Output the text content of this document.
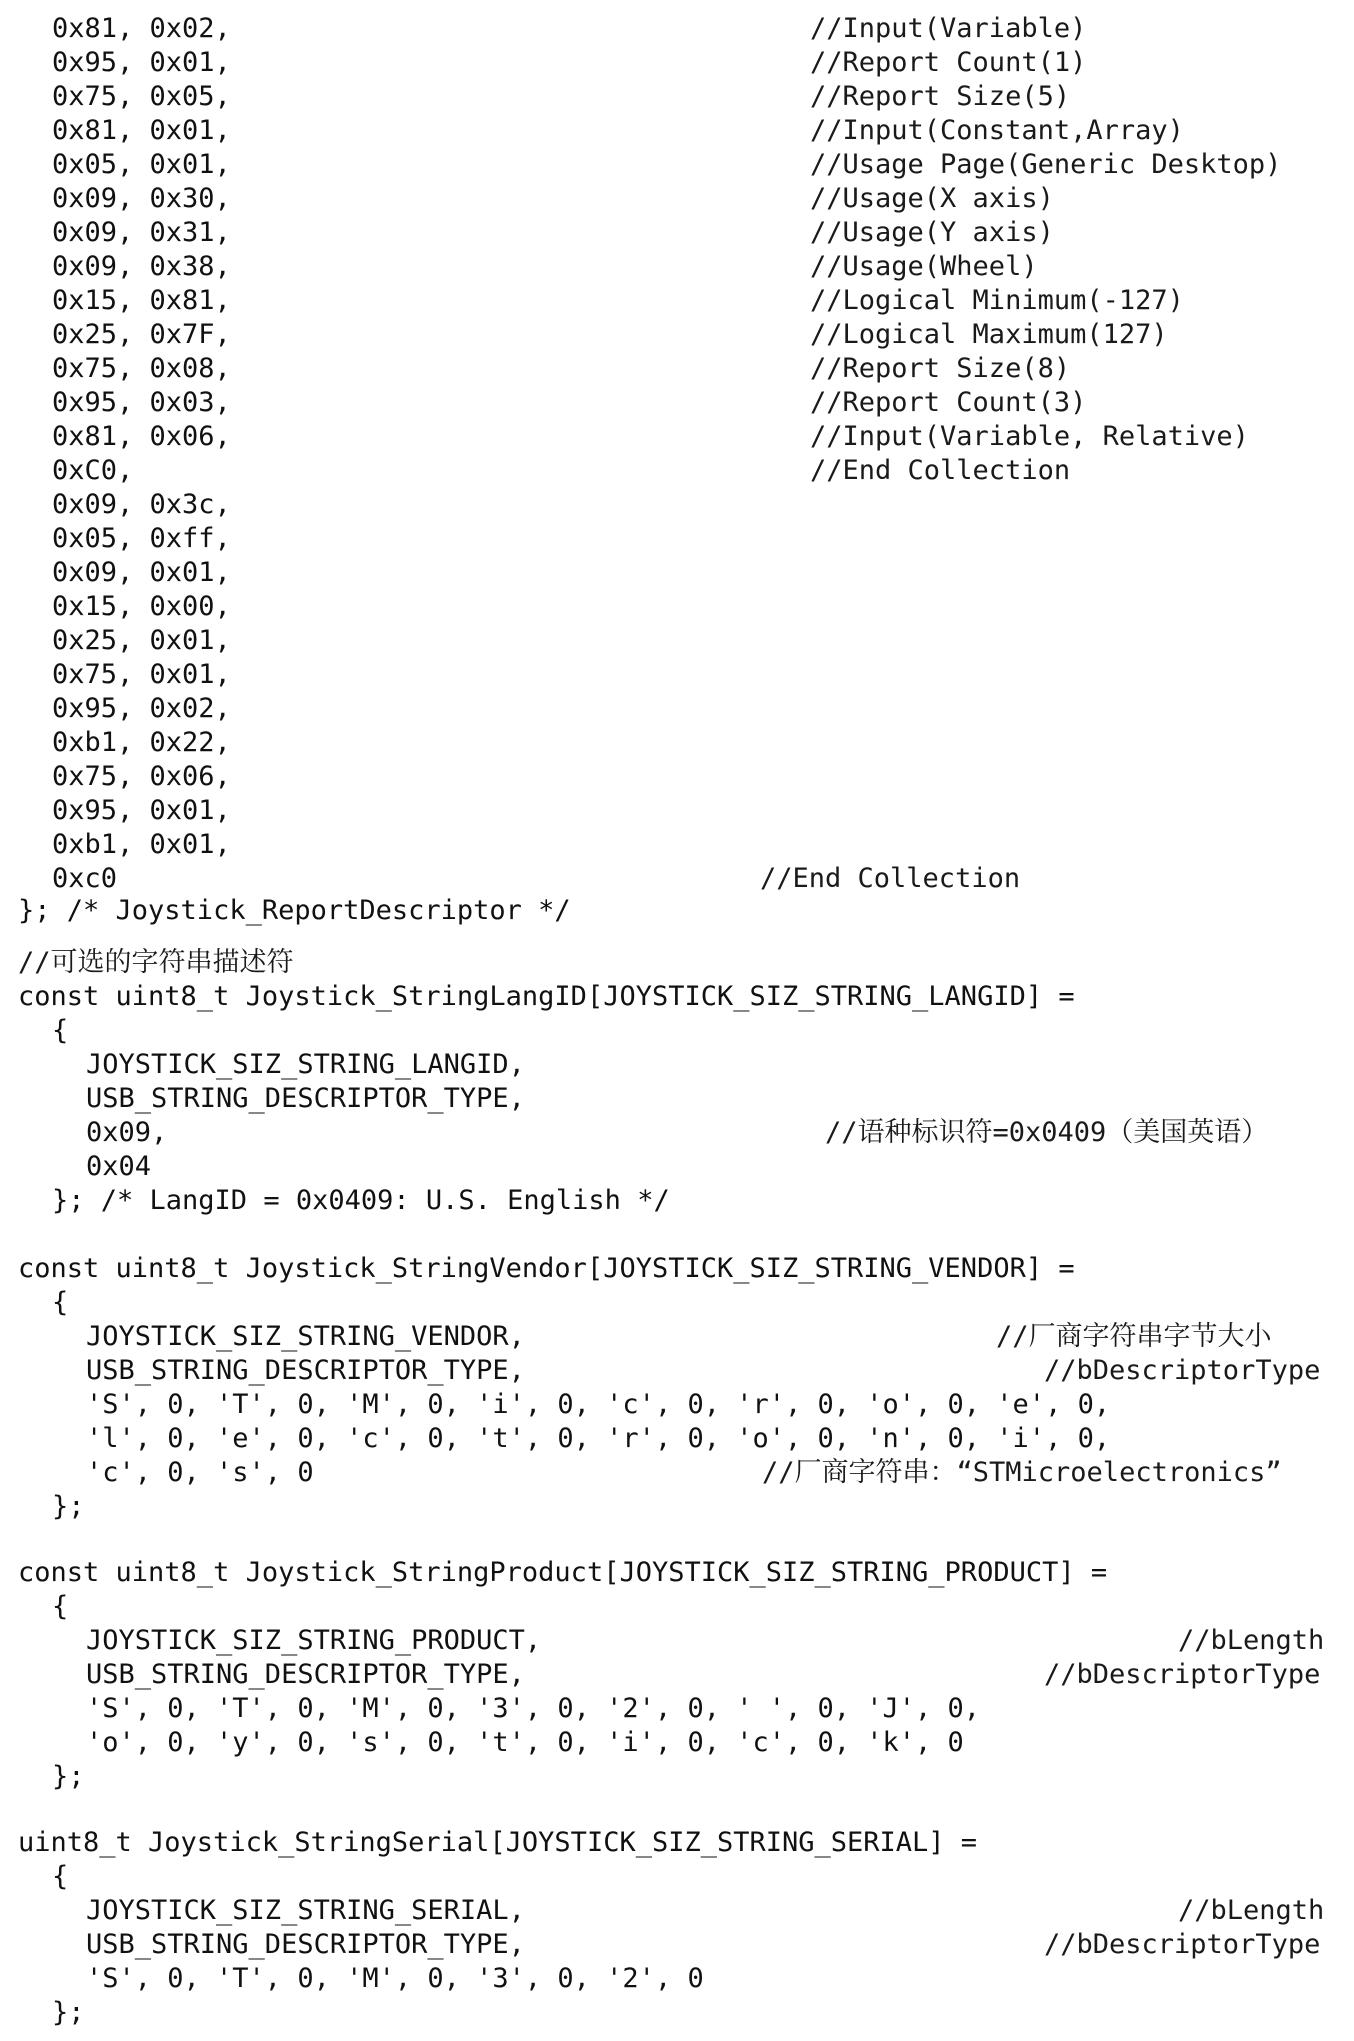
0x81, 0x02,	//Input(Variable)
0x95, 0x01,	//Report Count(1)
0x75, 0x05,	//Report Size(5)
0x81, 0x01,	//Input(Constant,Array)
0x05, 0x01,	//Usage Page(Generic Desktop)
0x09, 0x30,	//Usage(X axis)
0x09, 0x31,	//Usage(Y axis)
0x09, 0x38,	//Usage(Wheel)
0x15, 0x81,	//Logical Minimum(-127)
0x25, 0x7F,	//Logical Maximum(127)
0x75, 0x08,	//Report Size(8)
0x95, 0x03,	//Report Count(3)
0x81, 0x06,	//Input(Variable, Relative)
0xC0,	//End Collection
0x09, 0x3c,
0x05, 0xff,
0x09, 0x01,
0x15, 0x00,
0x25, 0x01,
0x75, 0x01,
0x95, 0x02,
0xb1, 0x22,
0x75, 0x06,
0x95, 0x01,
0xb1, 0x01,
0xc0	//End Collection
}; /* Joystick_ReportDescriptor */
//可选的字符串描述符
const uint8_t Joystick_StringLangID[JOYSTICK_SIZ_STRING_LANGID] =
{
JOYSTICK_SIZ_STRING_LANGID,
USB_STRING_DESCRIPTOR_TYPE,
0x09,	//语种标识符=0x0409（美国英语）
0x04
}; /* LangID = 0x0409: U.S. English */
const uint8_t Joystick_StringVendor[JOYSTICK_SIZ_STRING_VENDOR] =
{
JOYSTICK_SIZ_STRING_VENDOR,	//厂商字符串字节大小
USB_STRING_DESCRIPTOR_TYPE,	//bDescriptorType
'S', 0, 'T', 0, 'M', 0, 'i', 0, 'c', 0, 'r', 0, 'o', 0, 'e', 0,
'l', 0, 'e', 0, 'c', 0, 't', 0, 'r', 0, 'o', 0, 'n', 0, 'i', 0,
'c', 0, 's', 0	//厂商字符串：“STMicroelectronics”
};
const uint8_t Joystick_StringProduct[JOYSTICK_SIZ_STRING_PRODUCT] =
{
JOYSTICK_SIZ_STRING_PRODUCT,	//bLength
USB_STRING_DESCRIPTOR_TYPE,	//bDescriptorType
'S', 0, 'T', 0, 'M', 0, '3', 0, '2', 0, ' ', 0, 'J', 0,
'o', 0, 'y', 0, 's', 0, 't', 0, 'i', 0, 'c', 0, 'k', 0
};
uint8_t Joystick_StringSerial[JOYSTICK_SIZ_STRING_SERIAL] =
{
JOYSTICK_SIZ_STRING_SERIAL,	//bLength
USB_STRING_DESCRIPTOR_TYPE,	//bDescriptorType
'S', 0, 'T', 0, 'M', 0, '3', 0, '2', 0
};
